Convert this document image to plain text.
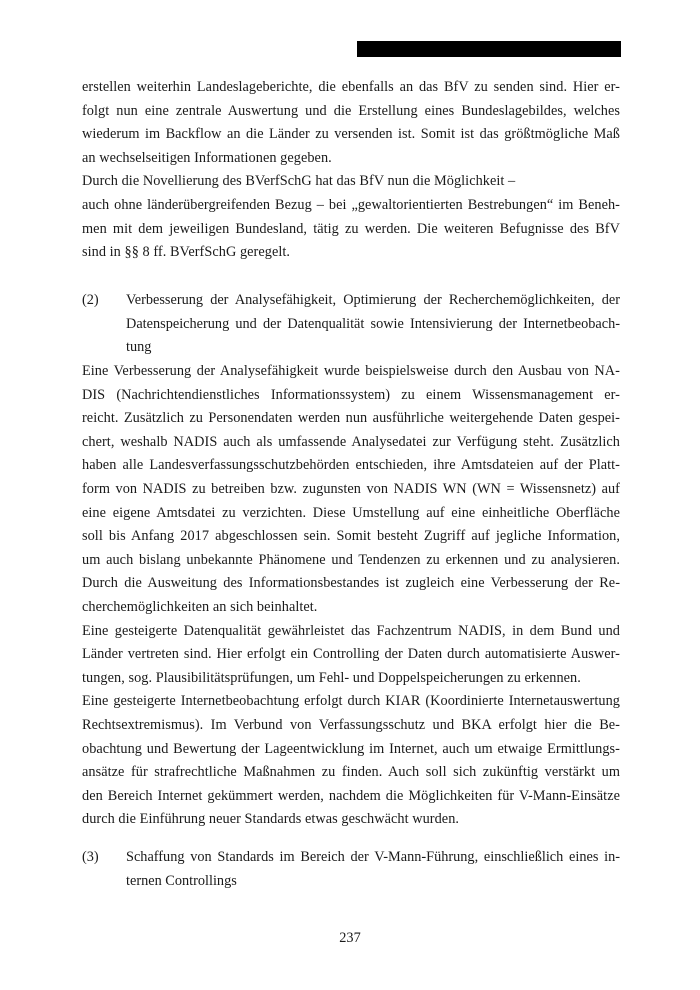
erstellen weiterhin Landeslageberichte, die ebenfalls an das BfV zu senden sind. Hier er-
folgt nun eine zentrale Auswertung und die Erstellung eines Bundeslagebildes, welches
wiederum im Backflow an die Länder zu versenden ist. Somit ist das größtmögliche Maß
an wechselseitigen Informationen gegeben.
Durch die Novellierung des BVerfSchG hat das BfV nun die Möglichkeit –
auch ohne länderübergreifenden Bezug – bei „gewaltorientierten Bestrebungen“ im Beneh-
men mit dem jeweiligen Bundesland, tätig zu werden. Die weiteren Befugnisse des BfV
sind in §§ 8 ff. BVerfSchG geregelt.
(2) Verbesserung der Analysefähigkeit, Optimierung der Recherchemöglichkeiten, der
Datenspeicherung und der Datenqualität sowie Intensivierung der Internetbeobach-
tung
Eine Verbesserung der Analysefähigkeit wurde beispielsweise durch den Ausbau von NA-
DIS (Nachrichtendienstliches Informationssystem) zu einem Wissensmanagement er-
reicht. Zusätzlich zu Personendaten werden nun ausführliche weitergehende Daten gespei-
chert, weshalb NADIS auch als umfassende Analysedatei zur Verfügung steht. Zusätzlich
haben alle Landesverfassungsschutzbehörden entschieden, ihre Amtsdateien auf der Platt-
form von NADIS zu betreiben bzw. zugunsten von NADIS WN (WN = Wissensnetz) auf
eine eigene Amtsdatei zu verzichten. Diese Umstellung auf eine einheitliche Oberfläche
soll bis Anfang 2017 abgeschlossen sein. Somit besteht Zugriff auf jegliche Information,
um auch bislang unbekannte Phänomene und Tendenzen zu erkennen und zu analysieren.
Durch die Ausweitung des Informationsbestandes ist zugleich eine Verbesserung der Re-
cherchemöglichkeiten an sich beinhaltet.
Eine gesteigerte Datenqualität gewährleistet das Fachzentrum NADIS, in dem Bund und
Länder vertreten sind. Hier erfolgt ein Controlling der Daten durch automatisierte Auswer-
tungen, sog. Plausibilitätsprüfungen, um Fehl- und Doppelspeicherungen zu erkennen.
Eine gesteigerte Internetbeobachtung erfolgt durch KIAR (Koordinierte Internetauswertung
Rechtsextremismus). Im Verbund von Verfassungsschutz und BKA erfolgt hier die Be-
obachtung und Bewertung der Lageentwicklung im Internet, auch um etwaige Ermittlungs-
ansätze für strafrechtliche Maßnahmen zu finden. Auch soll sich zukünftig verstärkt um
den Bereich Internet gekümmert werden, nachdem die Möglichkeiten für V-Mann-Einsätze
durch die Einführung neuer Standards etwas geschwächt wurden.
(3) Schaffung von Standards im Bereich der V-Mann-Führung, einschließlich eines in-
ternen Controllings
237
